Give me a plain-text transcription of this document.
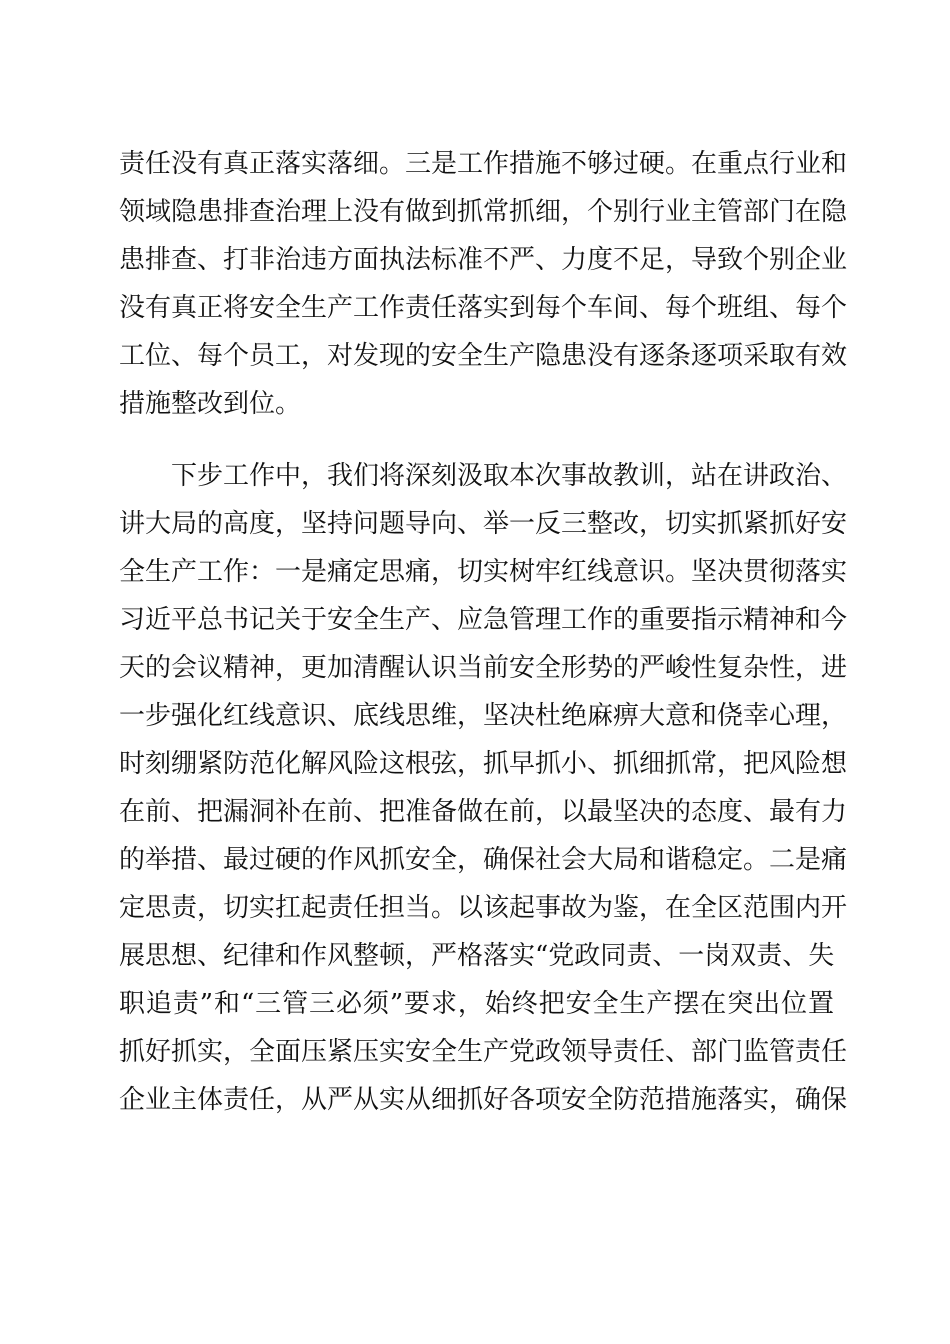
责任没有真正落实落细。三是工作措施不够过硬。在重点行业和
领域隐患排查治理上没有做到抓常抓细，个别行业主管部门在隐
患排查、打非治违方面执法标准不严、力度不足，导致个别企业
没有真正将安全生产工作责任落实到每个车间、每个班组、每个
工位、每个员工，对发现的安全生产隐患没有逐条逐项采取有效
措施整改到位。
下步工作中，我们将深刻汲取本次事故教训，站在讲政治、
讲大局的高度，坚持问题导向、举一反三整改，切实抓紧抓好安
全生产工作：一是痛定思痛，切实树牢红线意识。坚决贯彻落实
习近平总书记关于安全生产、应急管理工作的重要指示精神和今
天的会议精神，更加清醒认识当前安全形势的严峻性复杂性，进
一步强化红线意识、底线思维，坚决杜绝麻痹大意和侥幸心理，
时刻绷紧防范化解风险这根弦，抓早抓小、抓细抓常，把风险想
在前、把漏洞补在前、把准备做在前，以最坚决的态度、最有力
的举措、最过硬的作风抓安全，确保社会大局和谐稳定。二是痛
定思责，切实扛起责任担当。以该起事故为鉴，在全区范围内开
展思想、纪律和作风整顿，严格落实“党政同责、一岗双责、失
职追责”和“三管三必须”要求，始终把安全生产摆在突出位置
抓好抓实，全面压紧压实安全生产党政领导责任、部门监管责任
企业主体责任，从严从实从细抓好各项安全防范措施落实，确保
